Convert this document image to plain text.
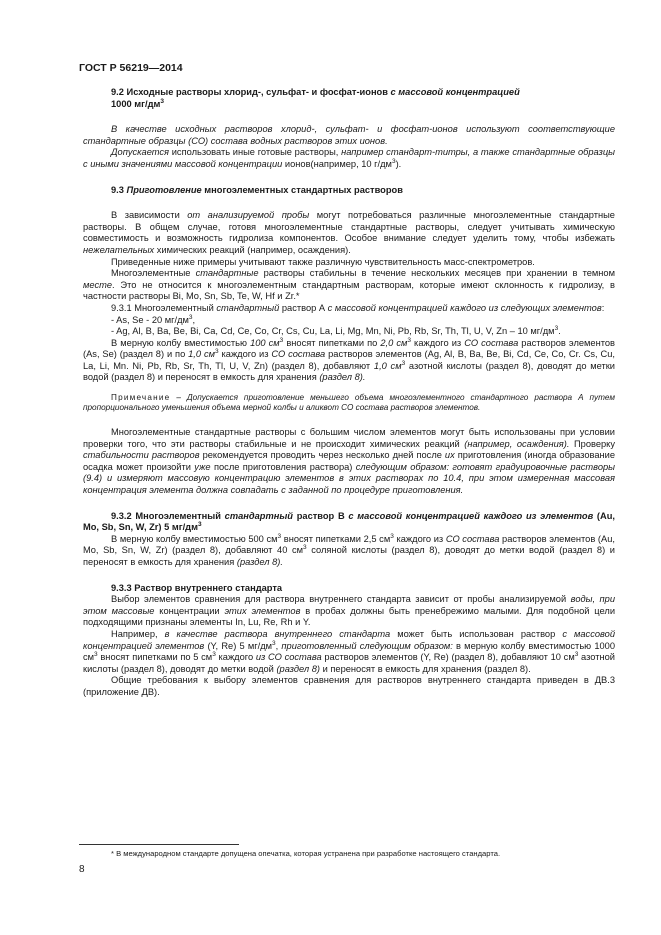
ГОСТ Р 56219—2014

9.2 Исходные растворы хлорид-, сульфат- и фосфат-ионов с массовой концентрацией
1000 $мг/дм^3$

В качестве исходных растворов хлорид-, сульфат- и фосфат-ионов используют соответствующие стандартные образцы (СО) состава водных растворов этих ионов.

Допускается использовать иные готовые растворы, например стандарт-титры, а также стандартные образцы с иными значениями массовой концентрации ионов(например, 10 $г/дм^3$).

9.3 Приготовление многоэлементных стандартных растворов

В зависимости от анализируемой пробы могут потребоваться различные многоэлементные стандартные растворы. В общем случае, готовя многоэлементные стандартные растворы, следует учитывать химическую совместимость и возможность гидролиза компонентов. Особое внимание следует уделить тому, чтобы избежать нежелательных химических реакций (например, осаждения).

Приведенные ниже примеры учитывают также различную чувствительность масс-спектрометров.

Многоэлементные стандартные растворы стабильны в течение нескольких месяцев при хранении в темном месте. Это не относится к многоэлементным стандартным растворам, которые имеют склонность к гидролизу, в частности растворы Bi, Mo, Sn, Sb, Te, W, Hf и Zr.*

9.3.1 Многоэлементный стандартный раствор А с массовой концентрацией каждого из следующих элементов:

- As, Se - 20 $мг/дм^3$,

- Ag, Al, B, Ba, Be, Bi, Ca, Cd, Ce, Co, Cr, Cs, Cu, La, Li, Mg, Mn, Ni, Pb, Rb, Sr, Th, Tl, U, V, Zn – 10 $мг/дм^3$.

В мерную колбу вместимостью 100 $см^3$ вносят пипетками по 2,0 $см^3$ каждого из СО состава растворов элементов (As, Se) (раздел 8) и по 1,0 $см^3$ каждого из СО состава растворов элементов (Ag, Al, B, Ba, Be, Bi, Cd, Ce, Co, Cr. Cs, Cu, La, Li, Mn. Ni, Pb, Rb, Sr, Th, Tl, U, V, Zn) (раздел 8), добавляют 1,0 $см^3$ азотной кислоты (раздел 8), доводят до метки водой (раздел 8) и переносят в емкость для хранения (раздел 8).

Примечание – Допускается приготовление меньшего объема многоэлементного стандартного раствора А путем пропорционального уменьшения объема мерной колбы и аликвот СО состава растворов элементов.

Многоэлементные стандартные растворы с большим числом элементов могут быть использованы при условии проверки того, что эти растворы стабильные и не происходит химических реакций (например, осаждения). Проверку стабильности растворов рекомендуется проводить через несколько дней после их приготовления (иногда образование осадка может произойти уже после приготовления раствора) следующим образом: готовят градуировочные растворы (9.4) и измеряют массовую концентрацию элементов в этих растворах по 10.4, при этом измеренная массовая концентрация элемента должна совпадать с заданной по процедуре приготовления.

9.3.2 Многоэлементный стандартный раствор В с массовой концентрацией каждого из элементов (Au, Mo, Sb, Sn, W, Zr) 5 $мг/дм^3$

В мерную колбу вместимостью 500 $см^3$ вносят пипетками 2,5 $см^3$ каждого из СО состава растворов элементов (Au, Mo, Sb, Sn, W, Zr) (раздел 8), добавляют 40 $см^3$ соляной кислоты (раздел 8), доводят до метки водой (раздел 8) и переносят в емкость для хранения (раздел 8).

9.3.3 Раствор внутреннего стандарта

Выбор элементов сравнения для раствора внутреннего стандарта зависит от пробы анализируемой воды, при этом массовые концентрации этих элементов в пробах должны быть пренебрежимо малыми. Для подобной цели подходящими признаны элементы In, Lu, Re, Rh и Y.

Например, в качестве раствора внутреннего стандарта может быть использован раствор с массовой концентрацией элементов (Y, Re) 5 $мг/дм^3$, приготовленный следующим образом: в мерную колбу вместимостью 1000 $см^3$ вносят пипетками по 5 $см^3$ каждого из СО состава растворов элементов (Y, Re) (раздел 8), добавляют 10 $см^3$ азотной кислоты (раздел 8), доводят до метки водой (раздел 8) и переносят в емкость для хранения (раздел 8).

Общие требования к выбору элементов сравнения для растворов внутреннего стандарта приведен в ДВ.3 (приложение ДВ).

* В международном стандарте допущена опечатка, которая устранена при разработке настоящего стандарта.
8
